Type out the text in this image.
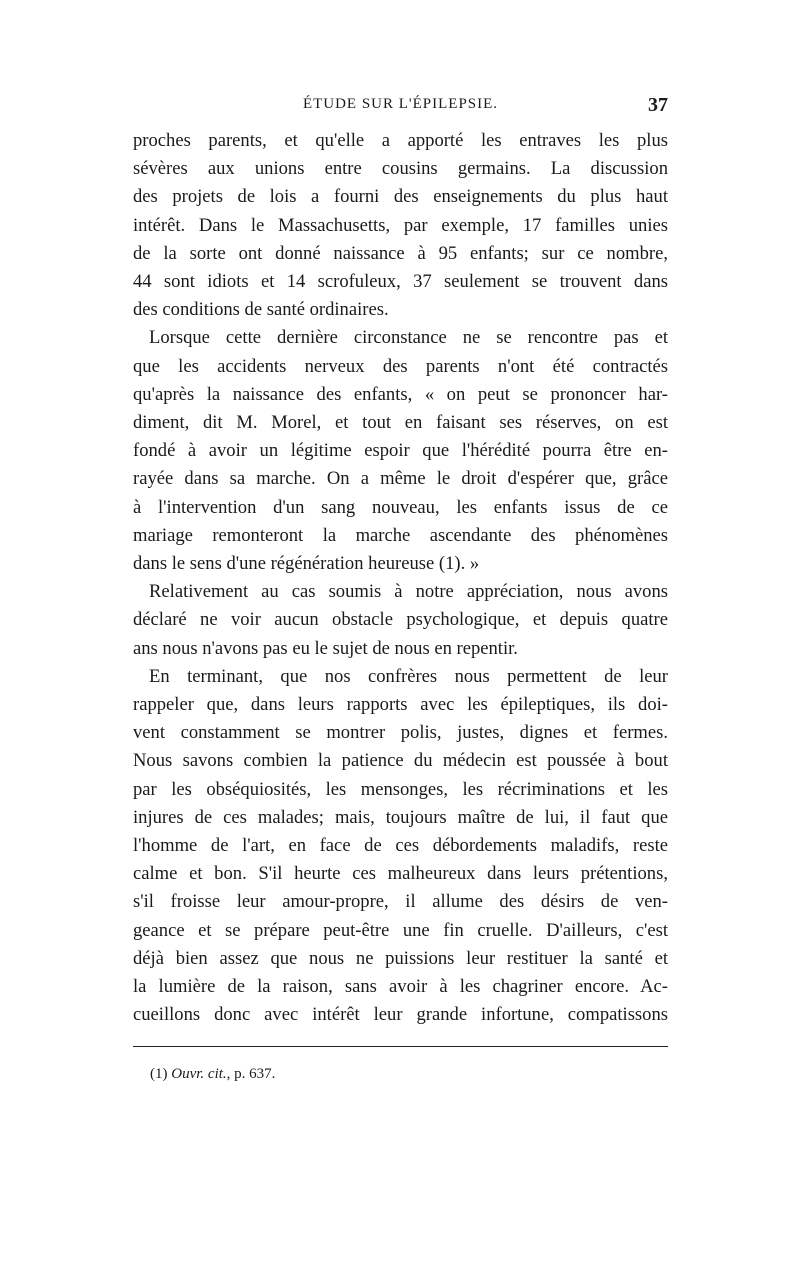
ÉTUDE SUR L'ÉPILEPSIE.	37
proches parents, et qu'elle a apporté les entraves les plus
sévères aux unions entre cousins germains. La discussion
des projets de lois a fourni des enseignements du plus haut
intérêt. Dans le Massachusetts, par exemple, 17 familles unies
de la sorte ont donné naissance à 95 enfants; sur ce nombre,
44 sont idiots et 14 scrofuleux, 37 seulement se trouvent dans
des conditions de santé ordinaires.
Lorsque cette dernière circonstance ne se rencontre pas et
que les accidents nerveux des parents n'ont été contractés
qu'après la naissance des enfants, « on peut se prononcer har-
diment, dit M. Morel, et tout en faisant ses réserves, on est
fondé à avoir un légitime espoir que l'hérédité pourra être en-
rayée dans sa marche. On a même le droit d'espérer que, grâce
à l'intervention d'un sang nouveau, les enfants issus de ce
mariage remonteront la marche ascendante des phénomènes
dans le sens d'une régénération heureuse (1). »
Relativement au cas soumis à notre appréciation, nous avons
déclaré ne voir aucun obstacle psychologique, et depuis quatre
ans nous n'avons pas eu le sujet de nous en repentir.
En terminant, que nos confrères nous permettent de leur
rappeler que, dans leurs rapports avec les épileptiques, ils doi-
vent constamment se montrer polis, justes, dignes et fermes.
Nous savons combien la patience du médecin est poussée à bout
par les obséquiosités, les mensonges, les récriminations et les
injures de ces malades; mais, toujours maître de lui, il faut que
l'homme de l'art, en face de ces débordements maladifs, reste
calme et bon. S'il heurte ces malheureux dans leurs prétentions,
s'il froisse leur amour-propre, il allume des désirs de ven-
geance et se prépare peut-être une fin cruelle. D'ailleurs, c'est
déjà bien assez que nous ne puissions leur restituer la santé et
la lumière de la raison, sans avoir à les chagriner encore. Ac-
cueillons donc avec intérêt leur grande infortune, compatissons
(1) Ouvr. cit., p. 637.
